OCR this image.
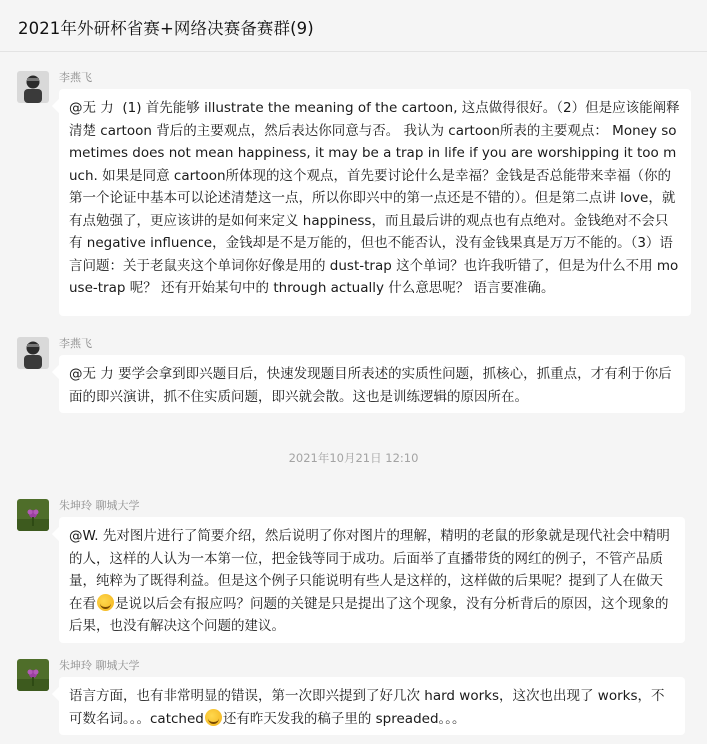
2021年外研杯省赛+网络决赛备赛群(9)
李燕飞
@无 力  (1) 首先能够 illustrate the meaning of the cartoon, 这点做得很好。（2）但是应该能阐释清楚 cartoon 背后的主要观点，然后表达你同意与否。 我认为 cartoon所表的主要观点： Money sometimes does not mean happiness, it may be a trap in life if you are worshipping it too much. 如果是同意 cartoon所体现的这个观点，首先要讨论什么是幸福？金钱是否总能带来幸福（你的第一个论证中基本可以论述清楚这一点，所以你即兴中的第一点还是不错的）。但是第二点讲 love，就有点勉强了，更应该讲的是如何来定义 happiness，而且最后讲的观点也有点绝对。金钱绝对不会只有 negative influence，金钱却是不是万能的，但也不能否认，没有金钱果真是万万不能的。（3）语言问题：关于老鼠夹这个单词你好像是用的 dust-trap 这个单词？也许我听错了，但是为什么不用 mouse-trap 呢？ 还有开始某句中的 through actually 什么意思呢？ 语言要准确。
李燕飞
@无 力 要学会拿到即兴题目后，快速发现题目所表述的实质性问题，抓核心，抓重点，才有利于你后面的即兴演讲，抓不住实质问题，即兴就会散。这也是训练逻辑的原因所在。
2021年10月21日 12:10
朱坤玲 聊城大学
@W. 先对图片进行了简要介绍，然后说明了你对图片的理解，精明的老鼠的形象就是现代社会中精明的人，这样的人认为一本第一位，把金钱等同于成功。后面举了直播带货的网红的例子，不管产品质量，纯粹为了既得利益。但是这个例子只能说明有些人是这样的，这样做的后果呢？提到了人在做天在看 是说以后会有报应吗？问题的关键是只是提出了这个现象，没有分析背后的原因，这个现象的后果，也没有解决这个问题的建议。
朱坤玲 聊城大学
语言方面，也有非常明显的错误，第一次即兴提到了好几次 hard works，这次也出现了 works，不可数名词。。。catched 还有昨天发我的稿子里的 spreaded。。。
